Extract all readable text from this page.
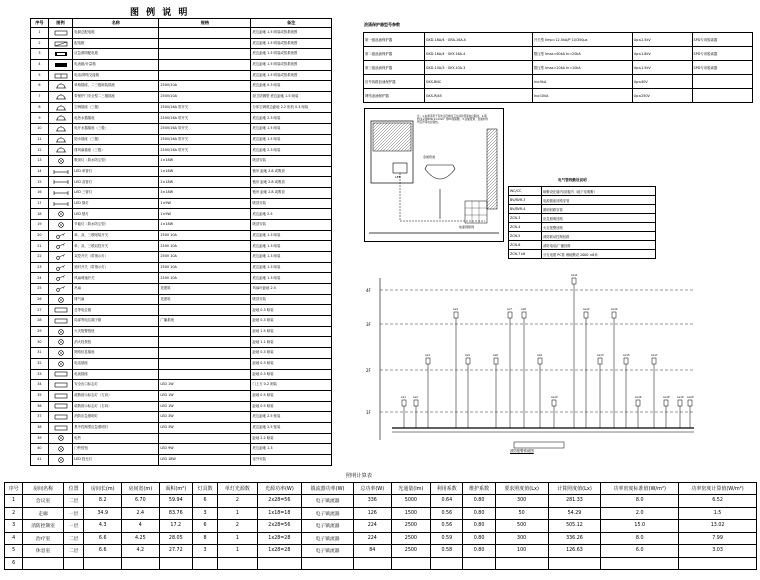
图 例 说 明
序号	图例	名称	规格	备注
1		电源总配电箱		底边距地 1.5 明装或按系统图
2		配电箱		底边距地 1.5 明装或按系统图
3		应急照明配电箱		底边距地 1.5 明装或按系统图
4		电表箱/计量箱		底边距地 1.5 明装或按系统图
5		电话/网络交接箱		底边距地 1.5 明装或按系统图
6		单相插座，二三极暗装插座	250V/10A	底边距地 0.3 暗装
7		带保护门安全型二三极插座	250V/10A	厨卫防溅型 底边距地 1.5 暗装
8		空调插座（三极）	250V/16A 带开关	分体空调底边距地 2.2 柜机 0.3 暗装
9		电热水器插座	250V/16A 带开关	底边距地 2.3 暗装
10		电开水器插座（三极）	250V/16A 带开关	底边距地 1.5 暗装
11		防水插座（三极）	250V/16A 带开关	底边距地 1.5 暗装
12		排风扇插座（三极）	250V/16A 带开关	底边距地 2.3 暗装
13		吸顶灯（防水防尘型）	1×18W	吸顶安装
14		LED 单管灯	1×18W	链吊 距地 2.8 或吸顶
15		LED 双管灯	2×18W	链吊 距地 2.8 或吸顶
16		LED 三管灯	3×18W	链吊 距地 2.8 或吸顶
17		LED 筒灯	1×9W	吸顶安装
18		LED 壁灯	1×9W	底边距地 2.5
19		节能灯（防水防尘型）	1×18W	吸顶安装
20		单、双、三联暗装开关	250V 10A	底边距地 1.3 暗装
21		单、双、三联双控开关	250V 10A	底边距地 1.3 暗装
22		双控开关（带指示灯）	250V 10A	底边距地 1.3 暗装
23		延时开关（带指示灯）	250V 10A	底边距地 1.3 暗装
24		风扇调速开关	250V 10A	底边距地 1.3 暗装
25		吊扇	见建筑	风扇叶距地 2.5
26		排气扇	见建筑	吸顶安装
27		总等电位箱		距地 0.3 暗装
28		局部等电位端子箱	广播系统	距地 0.3 暗装
29		火灾报警按钮		距地 1.5 暗装
30		消火栓按钮		距地 1.1 暗装
31		网络信息插座		距地 0.3 暗装
32		电话插座		距地 0.3 暗装
33		电视插座		距地 0.3 暗装
34		安全出口标志灯	LED 1W	门上方 0.2 明装
35		疏散指示标志灯（左向）	LED 1W	距地 0.5 暗装
36		疏散指示标志灯（右向）	LED 1W	距地 0.5 暗装
37		消防应急照明灯	LED 3W	底边距地 2.5 壁装
38		集中控制型应急照明灯	LED 3W	底边距地 2.5 壁装
39		电铃		距地 2.2 暗装
40		门铃按钮	LED 9W	底边距地 1.3
41		LED 投光灯	LED 18W	室外安装
浪涌保护器型号参数
第一级浪涌保护器	GKD-16A/4 · GRA-16A-X	开关型 Iimp=12.5kA/P 10/350μs	Up≤2.5kV	SPD专用脱离器
第二级浪涌保护器	GKD-16A/4 · GKY-16A-4	限压型 Imax=60kA In=20kA	Up≤1.8kV	SPD专用脱离器
第三级浪涌保护器	GKD-10A/3 · GKY-10A-3	限压型 Imax=20kA In=10kA	Up≤1.5kV	SPD专用脱离器
信号线路浪涌保护器	GKS-BNC	In≥5kA	Up≤40V	
网络浪涌保护器	GKS-RJ45	In≥10kA	Up≤250V	
注：1.本图适用于有洗浴设施的卫生间局部等电位联结。2.联结线采用BVR-1×4mm² 穿PC管暗敷。3.金属管道、金属构件均应作等电位联结。
LEB
金属管道
地面钢筋网
电气管线敷设说明
WC/CC	暗敷设在墙内/顶板内（地下室明敷）
BV/BVR-3	电源插座回路穿管
BV/BVR-4	照明回路穿管
ZCN-3	应急照明回路
ZCN-4	火灾报警回路
ZCN-5	消防联动控制回路
ZCN-6	消防电话/广播回路
ZCN-7×6	分支电缆 PC管 埋地敷设 2000 ×6米
4F
3F
2F
1F
AL1	AL2
AL3
AL4
AL5	AL6
AL7	AL8
AL9
AL10
AL11
AL12
AL13
AL14
AL15
AL16
AL17
AL18	AL19 AL20
消防报警系统图
照明计算表
序号	房间名称	位置	房间长(m)	房间宽(m)	面积(m²)	灯具数	单灯光源数	光源功率(W)	镇流器功率(W)	总功率(W)	光通量(lm)	利用系数	维护系数	要求照度值(Lx)	计算照度值(Lx)	功率密度标准值(W/m²)	功率密度计算值(W/m²)
1	会议室	二层	8.2	6.70	59.94	6	2	2x28=56	电子镇流器	336	5000	0.64	0.80	300	281.33	8.0	6.52
2	走廊	一层	34.9	2.4	83.76	3	1	1x18=18	电子镇流器	126	1500	0.56	0.80	50	54.29	2.0	1.5
3	消防控制室	一层	4.3	4	17.2	6	2	2x28=56	电子镇流器	224	2500	0.56	0.80	500	505.12	15.0	13.02
4	治疗室	二层	6.6	4.25	28.05	8	1	1x28=28	电子镇流器	224	2500	0.59	0.80	300	336.26	8.0	7.99
5	休息室	二层	6.6	4.2	27.72	3	1	1x28=28	电子镇流器	84	2500	0.58	0.80	100	126.63	6.0	3.03
6																	
